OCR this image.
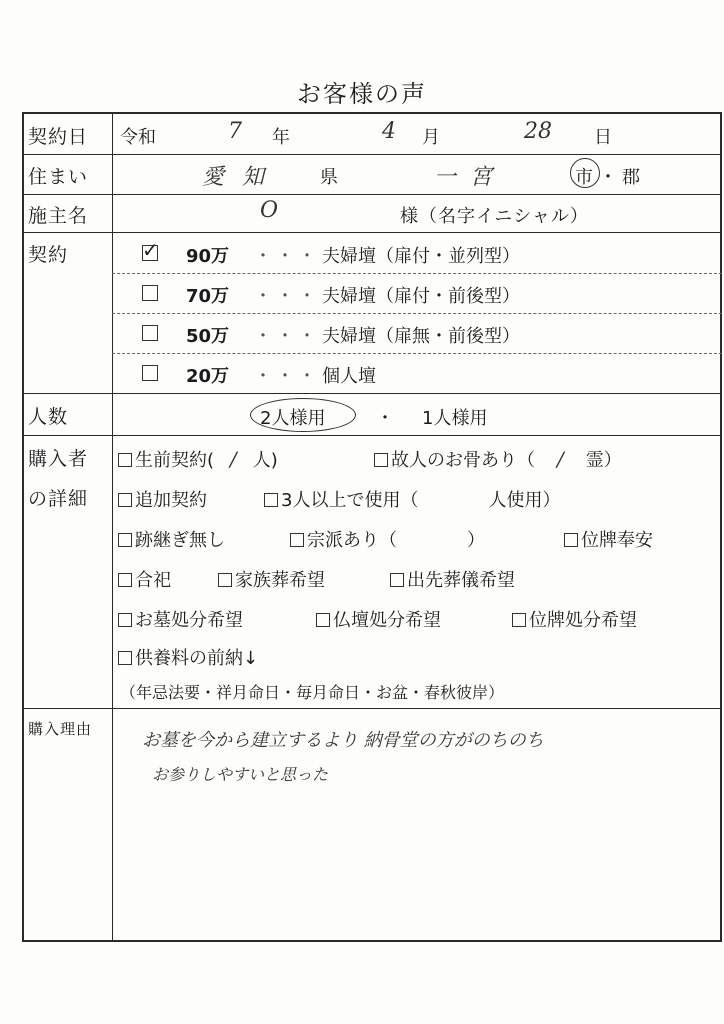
お客様の声
契約日 令和	7 年	4 月	28 日
住まい	愛知 県	一宮	市 ・ 郡
施主名	O	様（名字イニシャル）
契約	✓ 90万 ・・・ 夫婦壇（扉付・並列型）
70万 ・・・ 夫婦壇（扉付・前後型）
50万 ・・・ 夫婦壇（扉無・前後型）
20万 ・・・ 個人壇
人数	2人様用	・ 1人様用
購入者
の詳細
生前契約( / 人)	故人のお骨あり（ / 霊）
追加契約	3人以上で使用（	人使用）
跡継ぎ無し	宗派あり（	）	位牌奉安
合祀	家族葬希望	出先葬儀希望
お墓処分希望	仏壇処分希望	位牌処分希望
供養料の前納↓
（年忌法要・祥月命日・毎月命日・お盆・春秋彼岸）
購入理由
お墓を今から建立するより 納骨堂の方がのちのち
お参りしやすいと思った
